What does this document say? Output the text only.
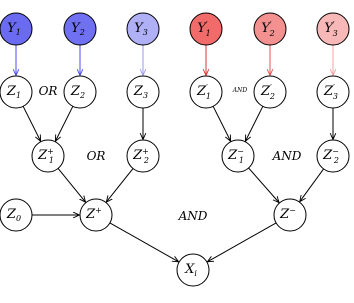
$Y_1$	$Y_2$	$Y_3$	Y′ 1	Y′ 2	Y′ 3
$Z_1$	$Z_2$	$Z_3$	Z′ 1	Z′ 2	Z′ 3
Z+ 1	Z+ 2	Z− 1	Z− 2
$Z_0$	Z+	Z−
$X_i$
OR	AND
OR	AND
AND
